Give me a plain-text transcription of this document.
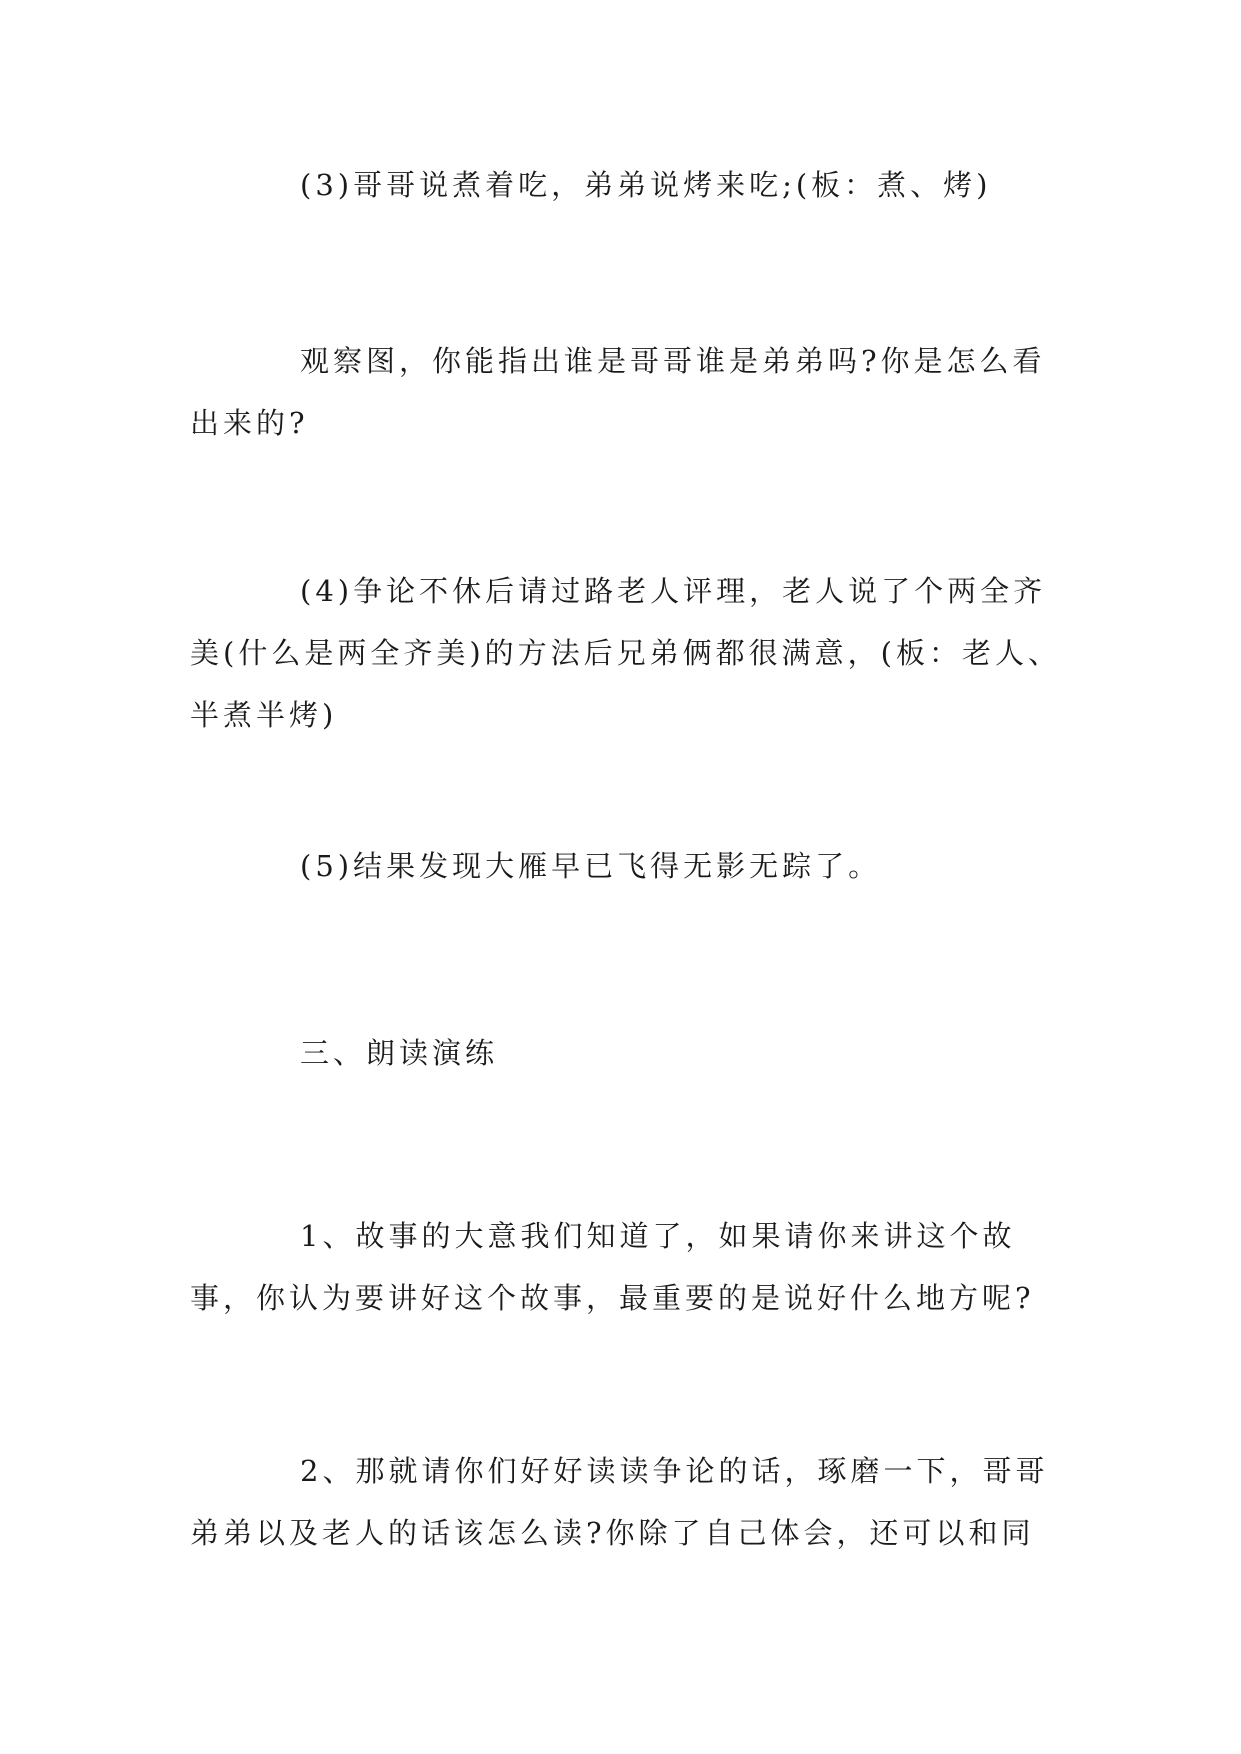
(3)哥哥说煮着吃，弟弟说烤来吃;(板：煮、烤)

观察图，你能指出谁是哥哥谁是弟弟吗?你是怎么看出来的?

(4)争论不休后请过路老人评理，老人说了个两全齐美(什么是两全齐美)的方法后兄弟俩都很满意，(板：老人、半煮半烤)

(5)结果发现大雁早已飞得无影无踪了。

三、朗读演练

1、故事的大意我们知道了，如果请你来讲这个故事，你认为要讲好这个故事，最重要的是说好什么地方呢?

2、那就请你们好好读读争论的话，琢磨一下，哥哥弟弟以及老人的话该怎么读?你除了自己体会，还可以和同
